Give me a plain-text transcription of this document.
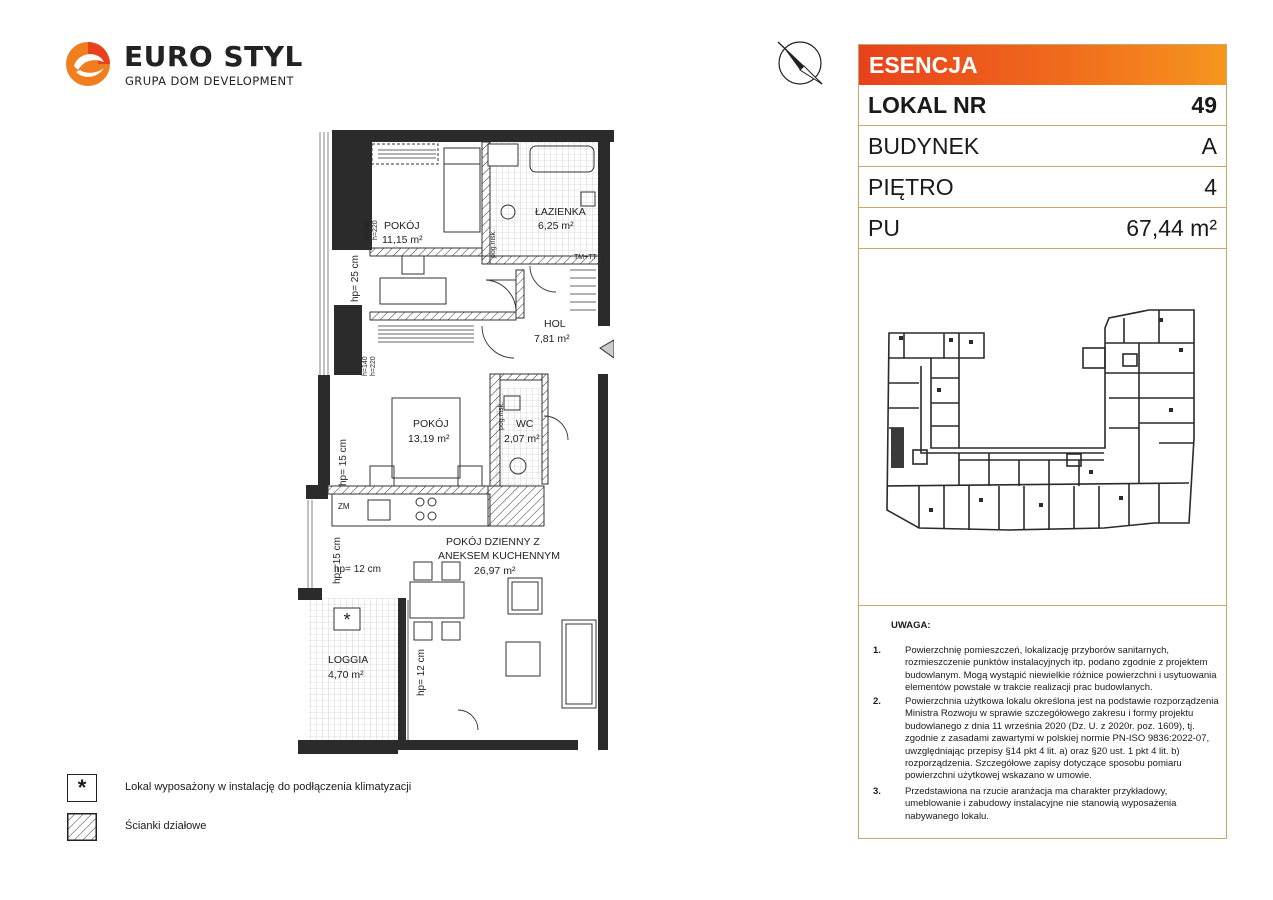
EURO STYL
GRUPA DOM DEVELOPMENT
ESENCJA
LOKAL NR	49
BUDYNEK	A
PIĘTRO	4
PU	67,44 m²
UWAGA:
1.	Powierzchnię pomieszczeń, lokalizację przyborów sanitarnych, rozmieszczenie punktów instalacyjnych itp. podano zgodnie z projektem budowlanym. Mogą wystąpić niewielkie różnice powierzchni i usytuowania elementów powstałe w trakcie realizacji prac budowlanych.
2.	Powierzchnia użytkowa lokalu określona jest na podstawie rozporządzenia Ministra Rozwoju w sprawie szczegółowego zakresu i formy projektu budowlanego z dnia 11 września 2020 (Dz. U. z 2020r. poz. 1609), tj. zgodnie z zasadami zawartymi w polskiej normie PN-ISO 9836:2022-07, uwzględniając przepisy §14 pkt 4 lit. a) oraz §20 ust. 1 pkt 4 lit. b) rozporządzenia. Szczegółowe zapisy dotyczące sposobu pomiaru powierzchni użytkowej wskazano w umowie.
3.	Przedstawiona na rzucie aranżacja ma charakter przykładowy, umeblowanie i zabudowy instalacyjne nie stanowią wyposażenia nabywanego lokalu.
*
POKÓJ
11,15 m²
ŁAZIENKA
6,25 m²
HOL
7,81 m²
POKÓJ
13,19 m²
WC
2,07 m²
POKÓJ DZIENNY Z
ANEKSEM KUCHENNYM
26,97 m²
LOGGIA
4,70 m²
hp= 25 cm
hp= 15 cm
hp= 15 cm
hp= 12 cm
hp= 12 cm
ZM
TM+TT
pog.nisk.
pog.nisk.
h=140 h=220
h=140 h=220
*	Lokal wyposażony w instalację do podłączenia klimatyzacji
Ścianki działowe
